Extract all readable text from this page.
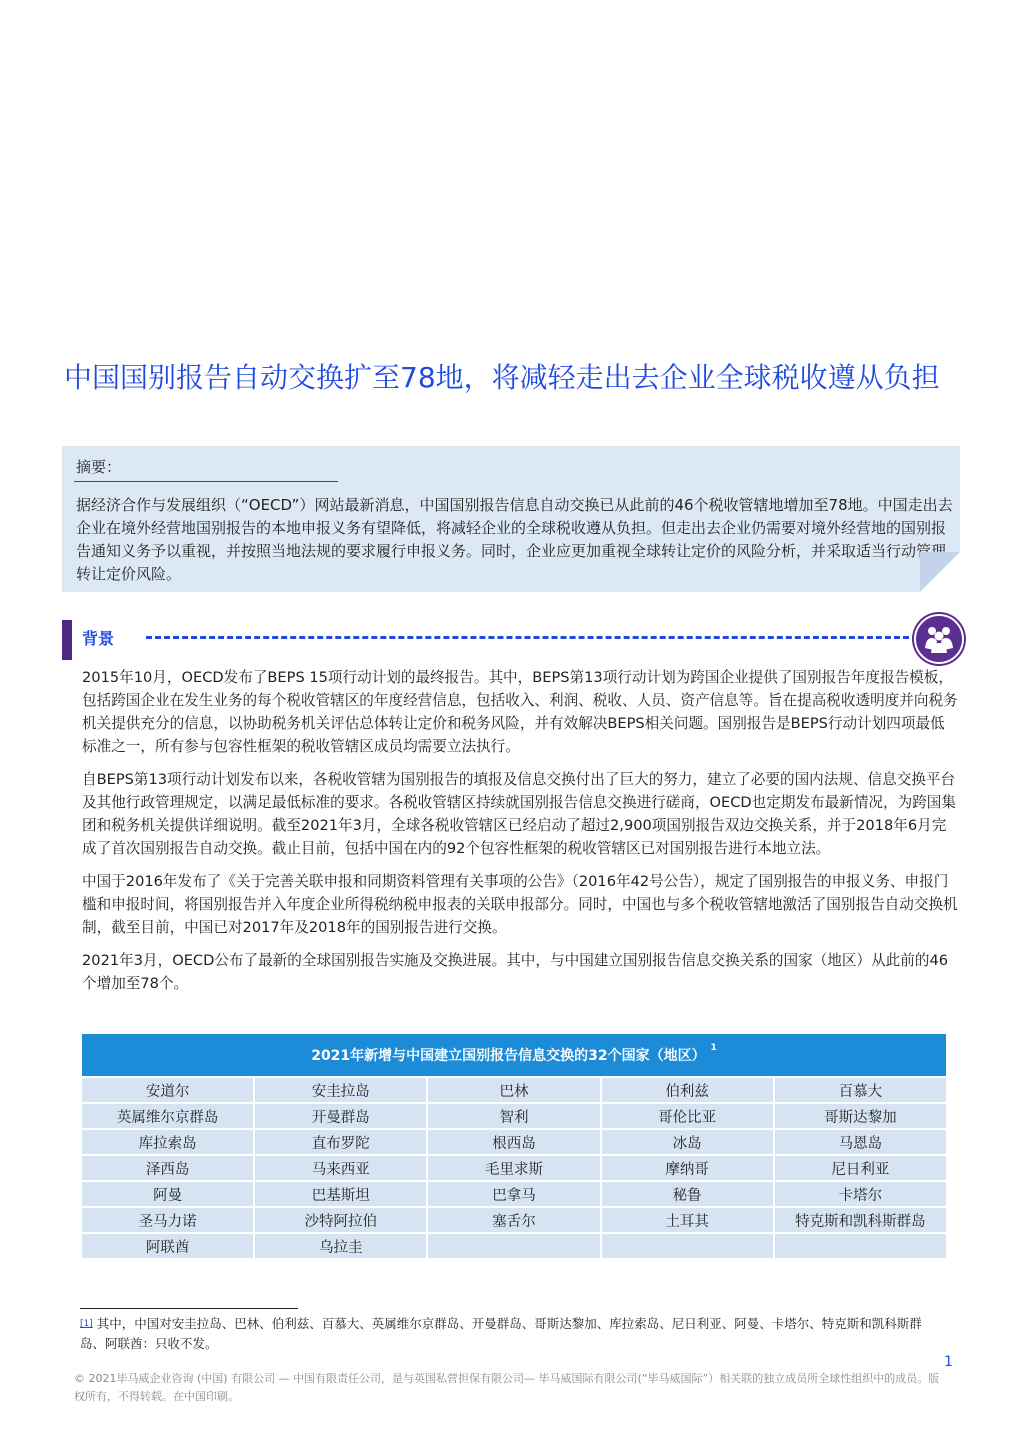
中国国别报告自动交换扩至78地，将减轻走出去企业全球税收遵从负担
摘要：

据经济合作与发展组织（“OECD”）网站最新消息，中国国别报告信息自动交换已从此前的46个税收管辖地增加至78地。中国走出去企业在境外经营地国别报告的本地申报义务有望降低，将减轻企业的全球税收遵从负担。但走出去企业仍需要对境外经营地的国别报告通知义务予以重视，并按照当地法规的要求履行申报义务。同时，企业应更加重视全球转让定价的风险分析，并采取适当行动管理转让定价风险。

背景

2015年10月，OECD发布了BEPS 15项行动计划的最终报告。其中，BEPS第13项行动计划为跨国企业提供了国别报告年度报告模板，包括跨国企业在发生业务的每个税收管辖区的年度经营信息，包括收入、利润、税收、人员、资产信息等。旨在提高税收透明度并向税务机关提供充分的信息，以协助税务机关评估总体转让定价和税务风险，并有效解决BEPS相关问题。国别报告是BEPS行动计划四项最低标准之一，所有参与包容性框架的税收管辖区成员均需要立法执行。

自BEPS第13项行动计划发布以来，各税收管辖为国别报告的填报及信息交换付出了巨大的努力，建立了必要的国内法规、信息交换平台及其他行政管理规定，以满足最低标准的要求。各税收管辖区持续就国别报告信息交换进行磋商，OECD也定期发布最新情况，为跨国集团和税务机关提供详细说明。截至2021年3月，全球各税收管辖区已经启动了超过2,900项国别报告双边交换关系，并于2018年6月完成了首次国别报告自动交换。截止目前，包括中国在内的92个包容性框架的税收管辖区已对国别报告进行本地立法。

中国于2016年发布了《关于完善关联申报和同期资料管理有关事项的公告》（2016年42号公告），规定了国别报告的申报义务、申报门槛和申报时间，将国别报告并入年度企业所得税纳税申报表的关联申报部分。同时，中国也与多个税收管辖地激活了国别报告自动交换机制，截至目前，中国已对2017年及2018年的国别报告进行交换。

2021年3月，OECD公布了最新的全球国别报告实施及交换进展。其中，与中国建立国别报告信息交换关系的国家（地区）从此前的46个增加至78个。

2021年新增与中国建立国别报告信息交换的32个国家（地区） $^1$
安道尔	安圭拉岛	巴林	伯利兹	百慕大
英属维尔京群岛	开曼群岛	智利	哥伦比亚	哥斯达黎加
库拉索岛	直布罗陀	根西岛	冰岛	马恩岛
泽西岛	马来西亚	毛里求斯	摩纳哥	尼日利亚
阿曼	巴基斯坦	巴拿马	秘鲁	卡塔尔
圣马力诺	沙特阿拉伯	塞舌尔	土耳其	特克斯和凯科斯群岛
阿联酋	乌拉圭			

[1] 其中，中国对安圭拉岛、巴林、伯利兹、百慕大、英属维尔京群岛、开曼群岛、哥斯达黎加、库拉索岛、尼日利亚、阿曼、卡塔尔、特克斯和凯科斯群岛、阿联酋：只收不发。

1

© 2021毕马威企业咨询 (中国) 有限公司 — 中国有限责任公司，是与英国私营担保有限公司— 毕马威国际有限公司(“毕马威国际”）相关联的独立成员所全球性组织中的成员。版权所有，不得转载。在中国印刷。
